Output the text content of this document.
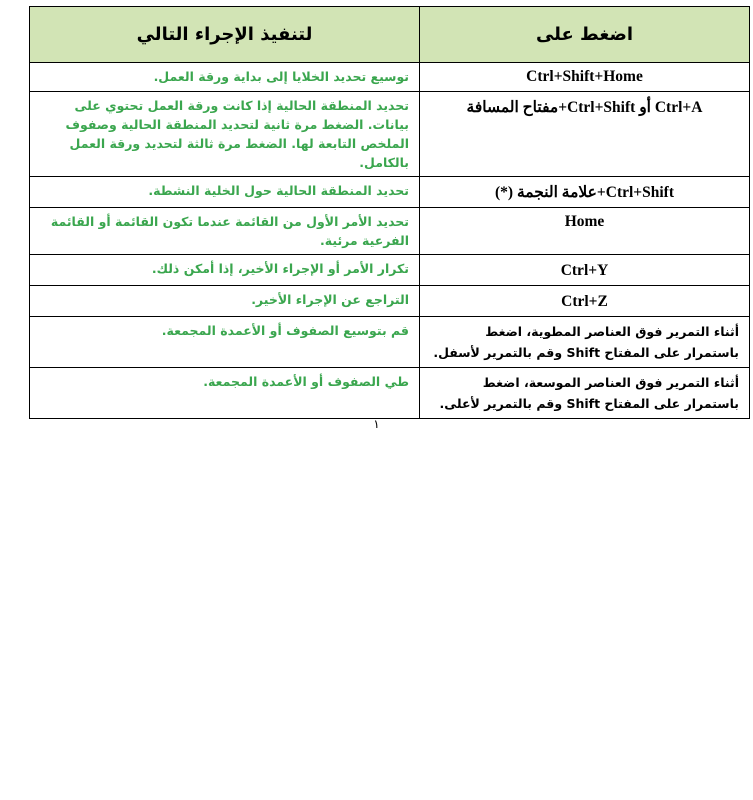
اضغط على	لتنفيذ الإجراء التالي
Ctrl+Shift+Home	توسيع تحديد الخلايا إلى بداية ورقة العمل.
Ctrl+A أو Ctrl+Shift+مفتاح المسافة	تحديد المنطقة الحالية إذا كانت ورقة العمل تحتوي على بيانات. الضغط مرة ثانية لتحديد المنطقة الحالية وصفوف الملخص التابعة لها. الضغط مرة ثالثة لتحديد ورقة العمل بالكامل.
Ctrl+Shift+علامة النجمة (*)	تحديد المنطقة الحالية حول الخلية النشطة.
Home	تحديد الأمر الأول من القائمة عندما تكون القائمة أو القائمة الفرعية مرئية.
Ctrl+Y	تكرار الأمر أو الإجراء الأخير، إذا أمكن ذلك.
Ctrl+Z	التراجع عن الإجراء الأخير.
أثناء التمرير فوق العناصر المطوية، اضغط باستمرار على المفتاح Shift وقم بالتمرير لأسفل.	قم بتوسيع الصفوف أو الأعمدة المجمعة.
أثناء التمرير فوق العناصر الموسعة، اضغط باستمرار على المفتاح Shift وقم بالتمرير لأعلى.	طي الصفوف أو الأعمدة المجمعة.
١
